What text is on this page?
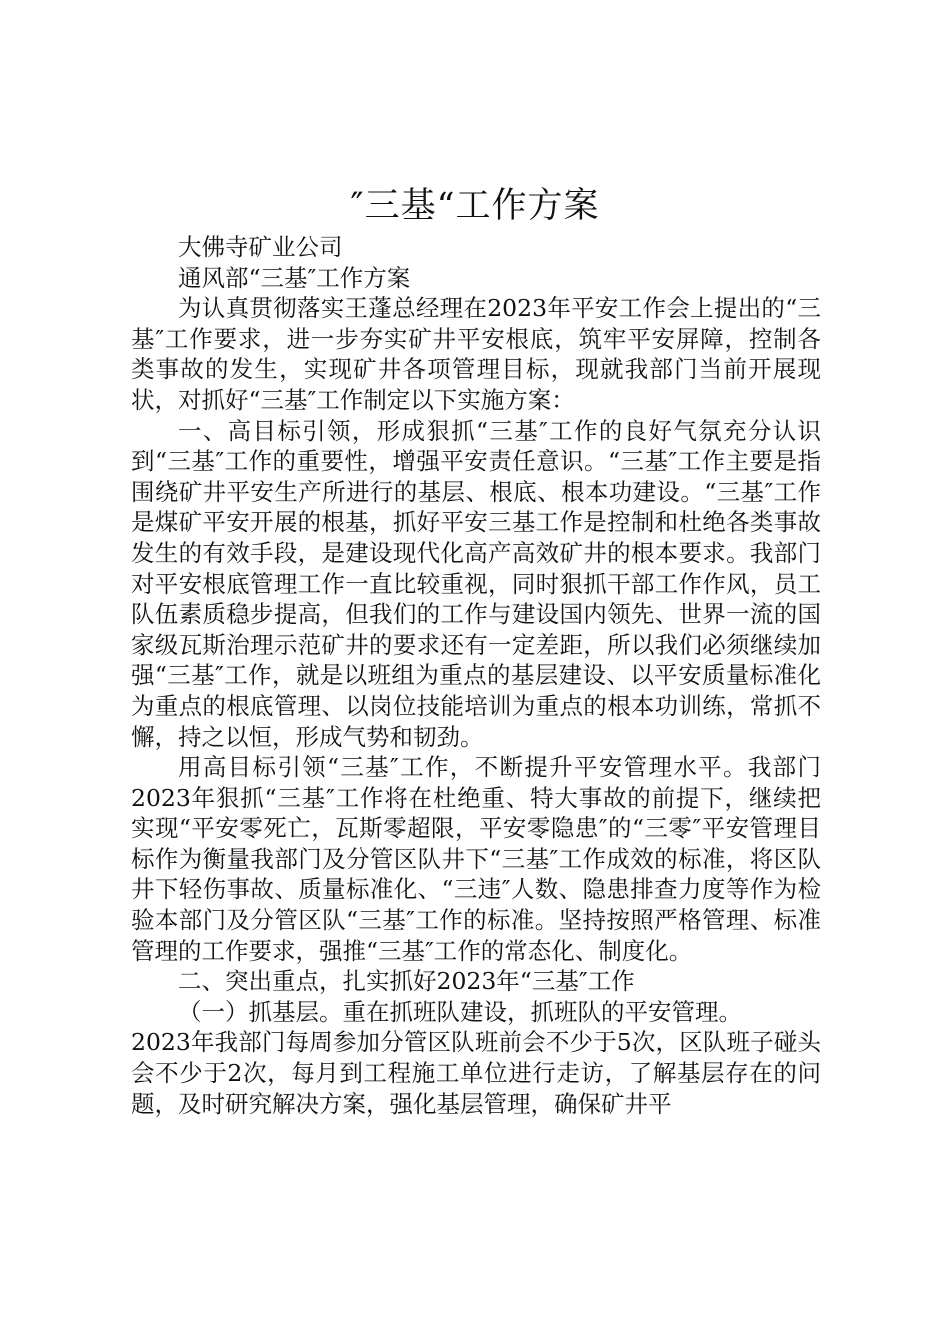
″三基“工作方案

大佛寺矿业公司

通风部“三基″工作方案

为认真贯彻落实王蓬总经理在2023年平安工作会上提出的“三基″工作要求，进一步夯实矿井平安根底，筑牢平安屏障，控制各类事故的发生，实现矿井各项管理目标，现就我部门当前开展现状，对抓好“三基″工作制定以下实施方案：

一、高目标引领，形成狠抓“三基″工作的良好气氛充分认识到“三基″工作的重要性，增强平安责任意识。“三基″工作主要是指围绕矿井平安生产所进行的基层、根底、根本功建设。“三基″工作是煤矿平安开展的根基，抓好平安三基工作是控制和杜绝各类事故发生的有效手段，是建设现代化高产高效矿井的根本要求。我部门对平安根底管理工作一直比较重视，同时狠抓干部工作作风，员工队伍素质稳步提高，但我们的工作与建设国内领先、世界一流的国家级瓦斯治理示范矿井的要求还有一定差距，所以我们必须继续加强“三基″工作，就是以班组为重点的基层建设、以平安质量标准化为重点的根底管理、以岗位技能培训为重点的根本功训练，常抓不懈，持之以恒，形成气势和韧劲。

用高目标引领“三基″工作，不断提升平安管理水平。我部门2023年狠抓“三基″工作将在杜绝重、特大事故的前提下，继续把实现“平安零死亡，瓦斯零超限，平安零隐患″的“三零″平安管理目标作为衡量我部门及分管区队井下“三基″工作成效的标准，将区队井下轻伤事故、质量标准化、“三违″人数、隐患排查力度等作为检验本部门及分管区队“三基″工作的标准。坚持按照严格管理、标准管理的工作要求，强推“三基″工作的常态化、制度化。

二、突出重点，扎实抓好2023年“三基″工作

（一）抓基层。重在抓班队建设，抓班队的平安管理。

2023年我部门每周参加分管区队班前会不少于5次，区队班子碰头会不少于2次，每月到工程施工单位进行走访，了解基层存在的问题，及时研究解决方案，强化基层管理，确保矿井平
